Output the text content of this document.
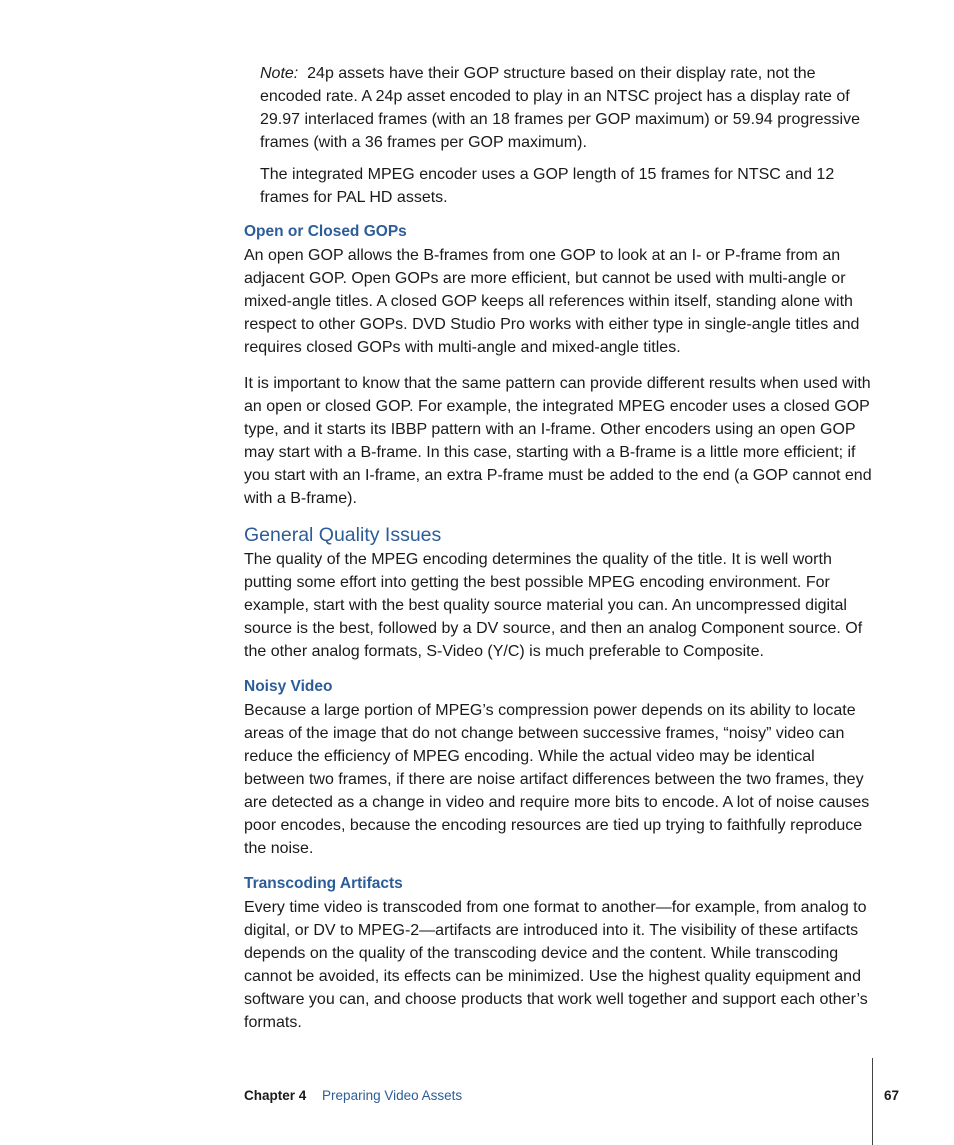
Note: 24p assets have their GOP structure based on their display rate, not the encoded rate. A 24p asset encoded to play in an NTSC project has a display rate of 29.97 interlaced frames (with an 18 frames per GOP maximum) or 59.94 progressive frames (with a 36 frames per GOP maximum).

The integrated MPEG encoder uses a GOP length of 15 frames for NTSC and 12 frames for PAL HD assets.

Open or Closed GOPs

An open GOP allows the B-frames from one GOP to look at an I- or P-frame from an adjacent GOP. Open GOPs are more efficient, but cannot be used with multi-angle or mixed-angle titles. A closed GOP keeps all references within itself, standing alone with respect to other GOPs. DVD Studio Pro works with either type in single-angle titles and requires closed GOPs with multi-angle and mixed-angle titles.

It is important to know that the same pattern can provide different results when used with an open or closed GOP. For example, the integrated MPEG encoder uses a closed GOP type, and it starts its IBBP pattern with an I-frame. Other encoders using an open GOP may start with a B-frame. In this case, starting with a B-frame is a little more efficient; if you start with an I-frame, an extra P-frame must be added to the end (a GOP cannot end with a B-frame).

General Quality Issues

The quality of the MPEG encoding determines the quality of the title. It is well worth putting some effort into getting the best possible MPEG encoding environment. For example, start with the best quality source material you can. An uncompressed digital source is the best, followed by a DV source, and then an analog Component source. Of the other analog formats, S-Video (Y/C) is much preferable to Composite.

Noisy Video

Because a large portion of MPEG’s compression power depends on its ability to locate areas of the image that do not change between successive frames, “noisy” video can reduce the efficiency of MPEG encoding. While the actual video may be identical between two frames, if there are noise artifact differences between the two frames, they are detected as a change in video and require more bits to encode. A lot of noise causes poor encodes, because the encoding resources are tied up trying to faithfully reproduce the noise.

Transcoding Artifacts

Every time video is transcoded from one format to another—for example, from analog to digital, or DV to MPEG-2—artifacts are introduced into it. The visibility of these artifacts depends on the quality of the transcoding device and the content. While transcoding cannot be avoided, its effects can be minimized. Use the highest quality equipment and software you can, and choose products that work well together and support each other’s formats.

Chapter 4 Preparing Video Assets	67
